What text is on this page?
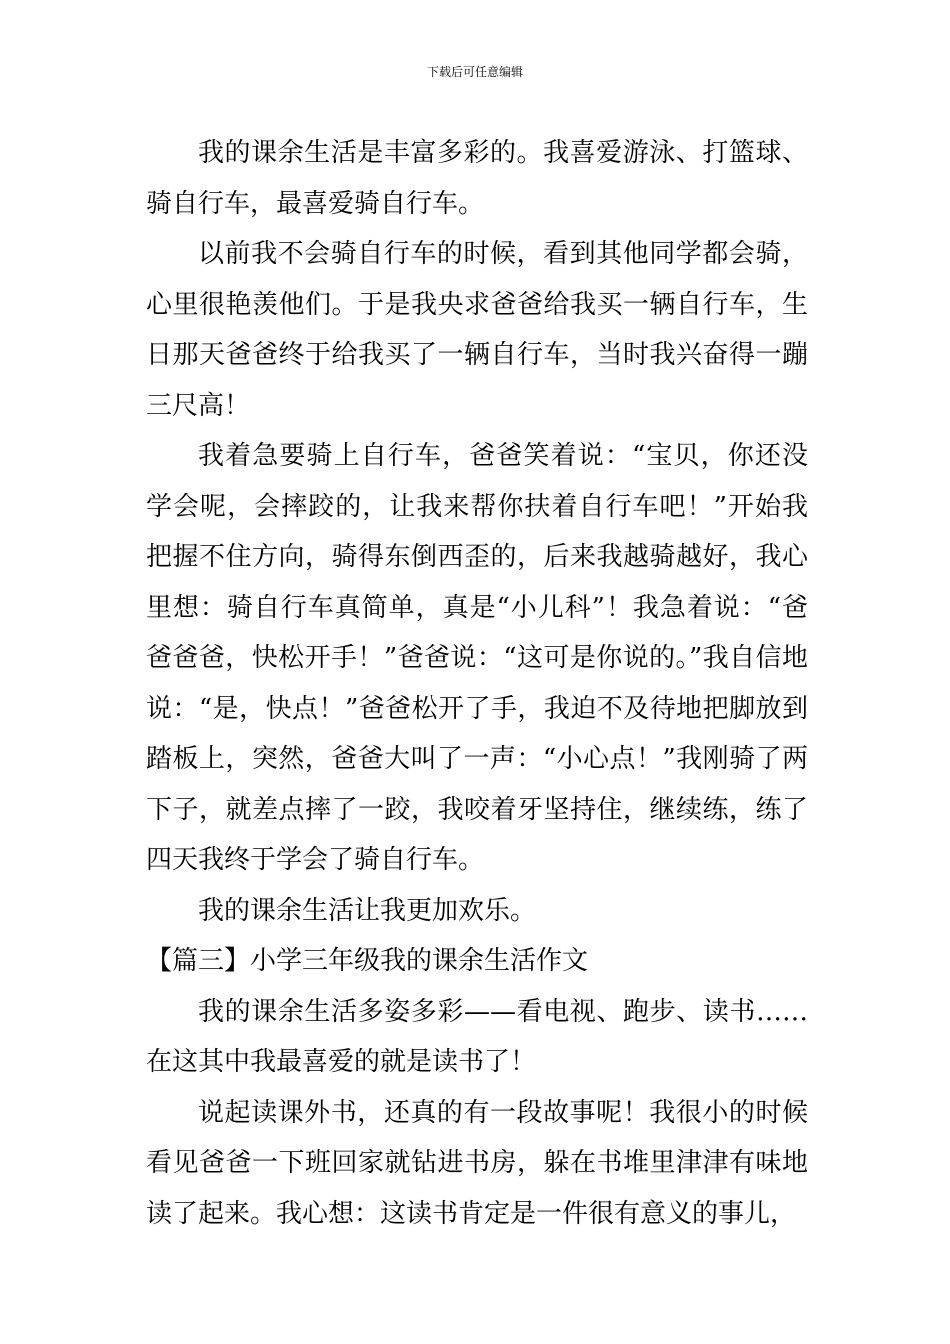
下载后可任意编辑

我的课余生活是丰富多彩的。我喜爱游泳、打篮球、骑自行车，最喜爱骑自行车。

以前我不会骑自行车的时候，看到其他同学都会骑，心里很艳羡他们。于是我央求爸爸给我买一辆自行车，生日那天爸爸终于给我买了一辆自行车，当时我兴奋得一蹦三尺高！

我着急要骑上自行车，爸爸笑着说：“宝贝，你还没学会呢，会摔跤的，让我来帮你扶着自行车吧！”开始我把握不住方向，骑得东倒西歪的，后来我越骑越好，我心里想：骑自行车真简单，真是“小儿科”！我急着说：“爸爸爸爸，快松开手！”爸爸说：“这可是你说的。”我自信地说：“是，快点！”爸爸松开了手，我迫不及待地把脚放到踏板上，突然，爸爸大叫了一声：“小心点！”我刚骑了两下子，就差点摔了一跤，我咬着牙坚持住，继续练，练了四天我终于学会了骑自行车。

我的课余生活让我更加欢乐。

【篇三】小学三年级我的课余生活作文

我的课余生活多姿多彩——看电视、跑步、读书……在这其中我最喜爱的就是读书了！

说起读课外书，还真的有一段故事呢！我很小的时候看见爸爸一下班回家就钻进书房，躲在书堆里津津有味地读了起来。我心想：这读书肯定是一件很有意义的事儿，
